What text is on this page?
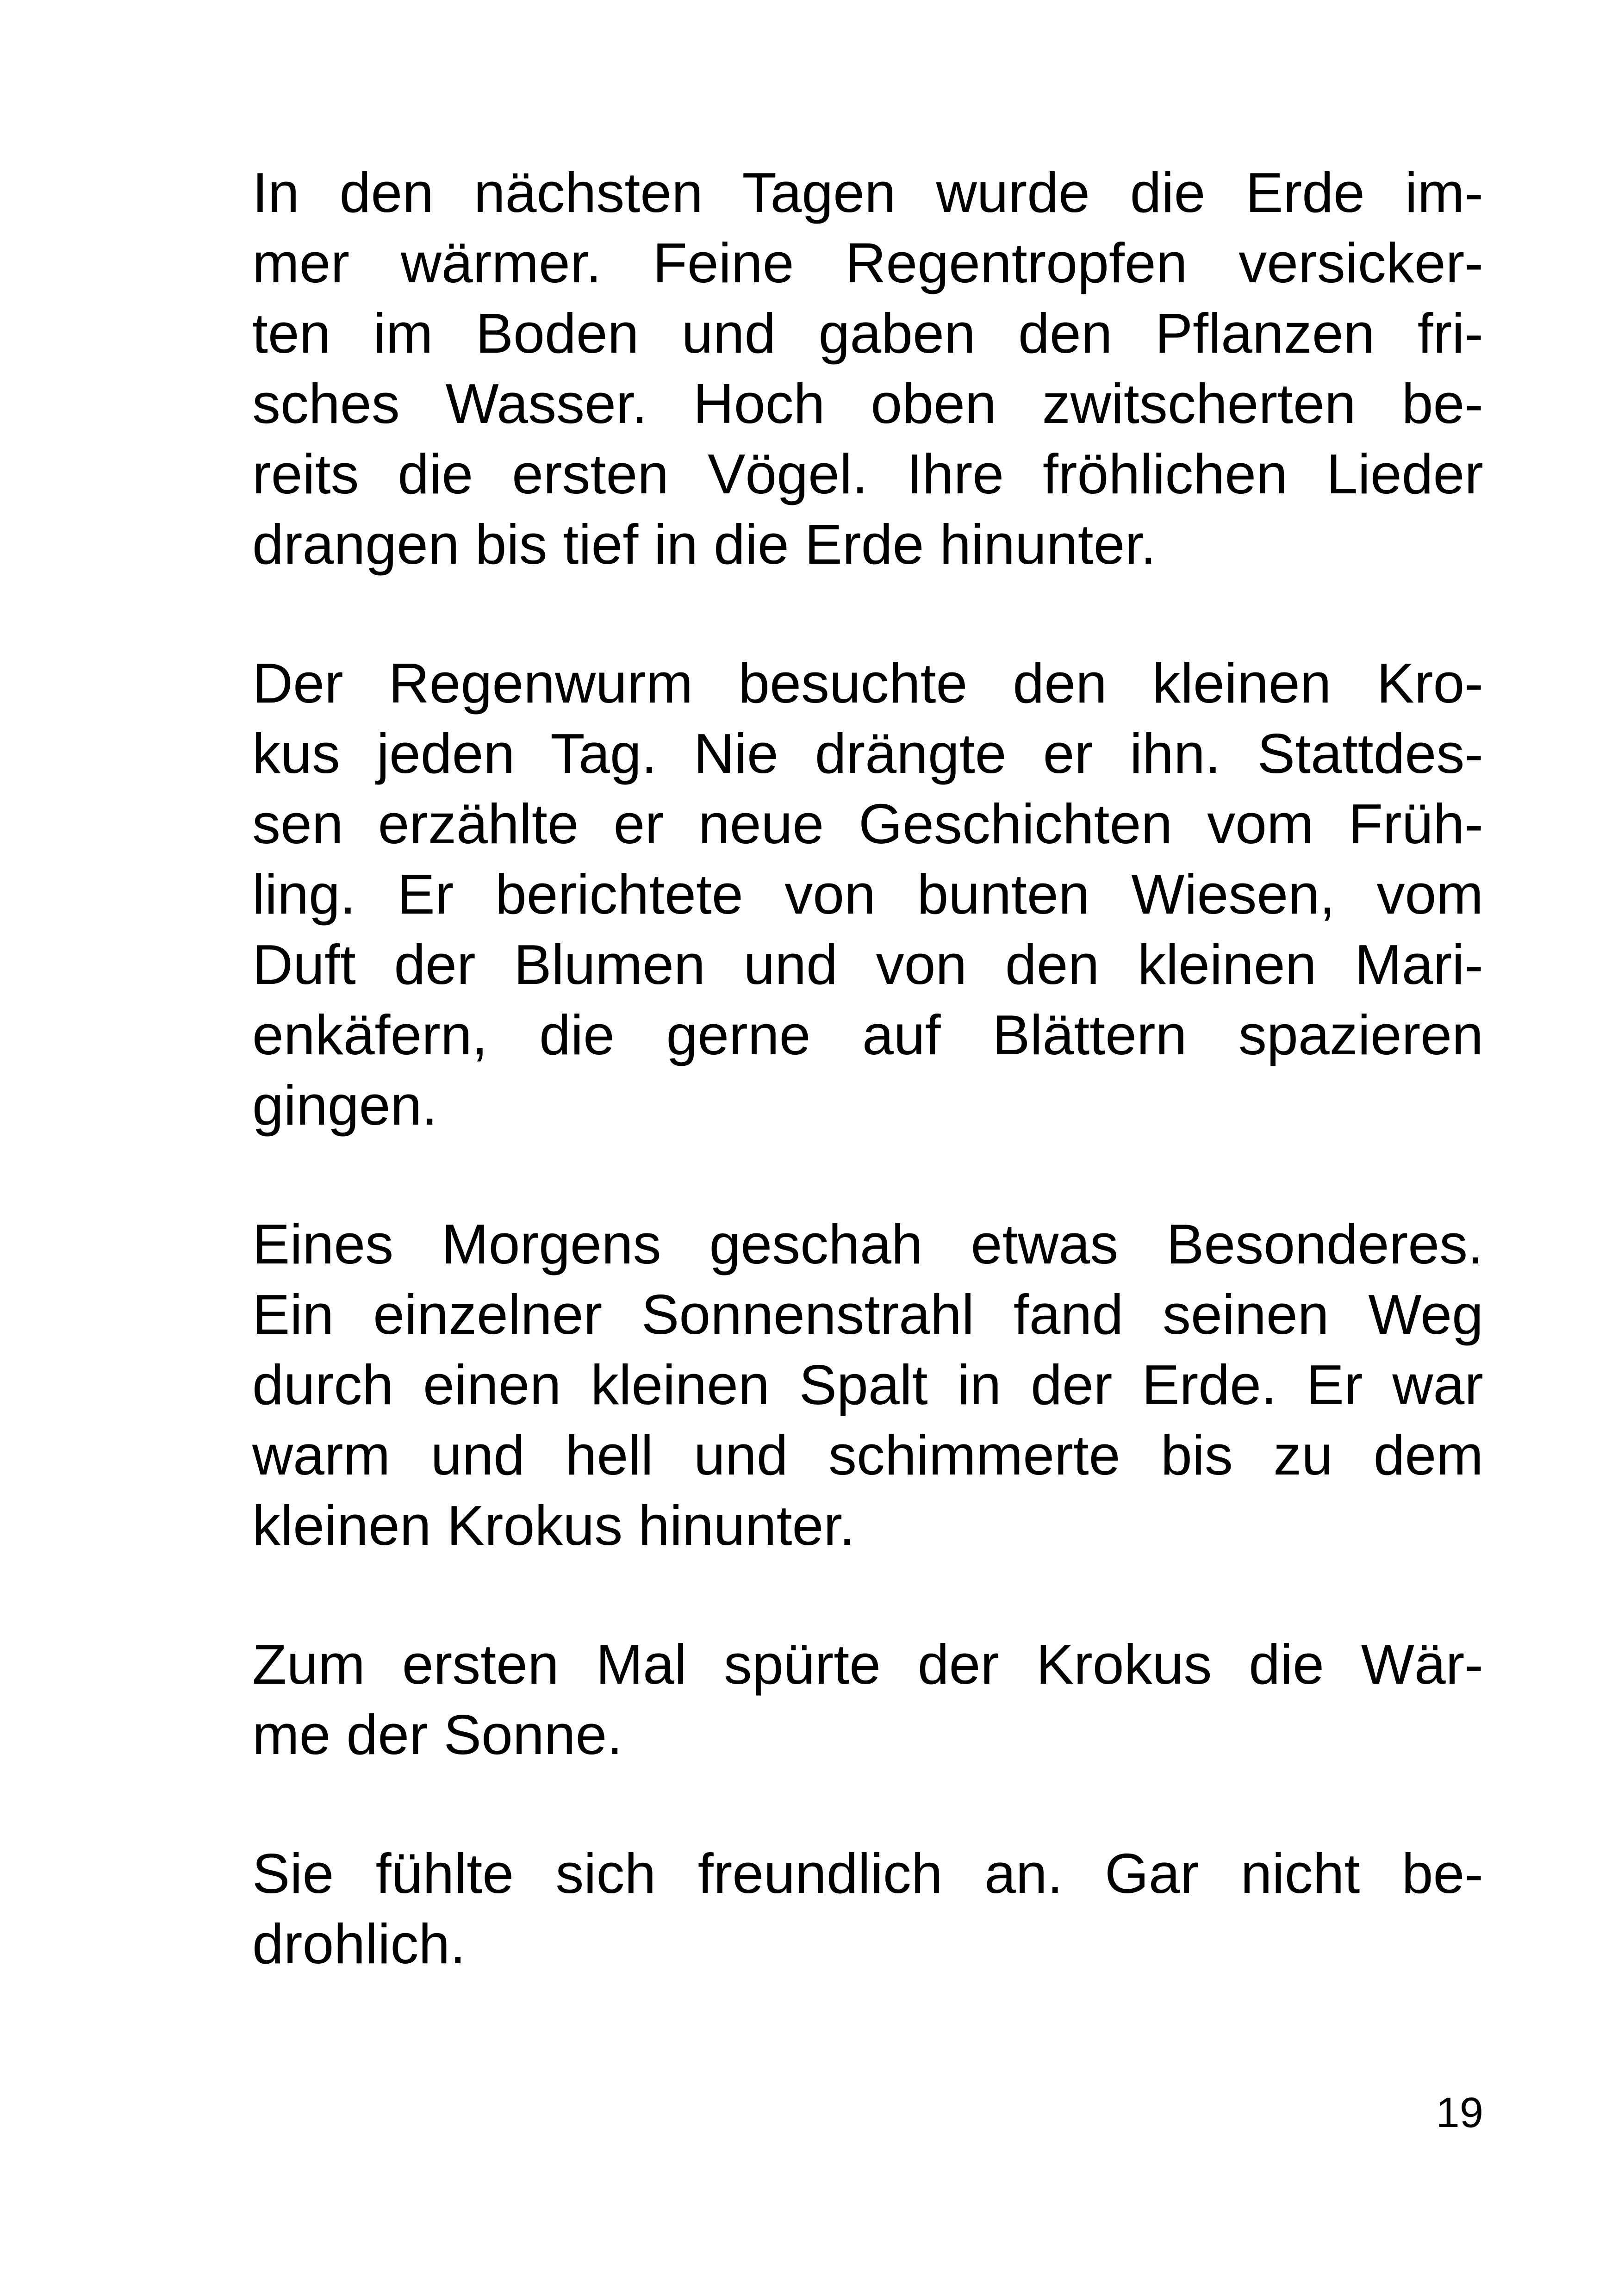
In den nächsten Tagen wurde die Erde im-
mer wärmer. Feine Regentropfen versicker-
ten im Boden und gaben den Pflanzen fri-
sches Wasser. Hoch oben zwitscherten be-
reits die ersten Vögel. Ihre fröhlichen Lieder
drangen bis tief in die Erde hinunter.

Der Regenwurm besuchte den kleinen Kro-
kus jeden Tag. Nie drängte er ihn. Stattdes-
sen erzählte er neue Geschichten vom Früh-
ling. Er berichtete von bunten Wiesen, vom
Duft der Blumen und von den kleinen Mari-
enkäfern, die gerne auf Blättern spazieren
gingen.

Eines Morgens geschah etwas Besonderes.
Ein einzelner Sonnenstrahl fand seinen Weg
durch einen kleinen Spalt in der Erde. Er war
warm und hell und schimmerte bis zu dem
kleinen Krokus hinunter.

Zum ersten Mal spürte der Krokus die Wär-
me der Sonne.

Sie fühlte sich freundlich an. Gar nicht be-
drohlich.

19
